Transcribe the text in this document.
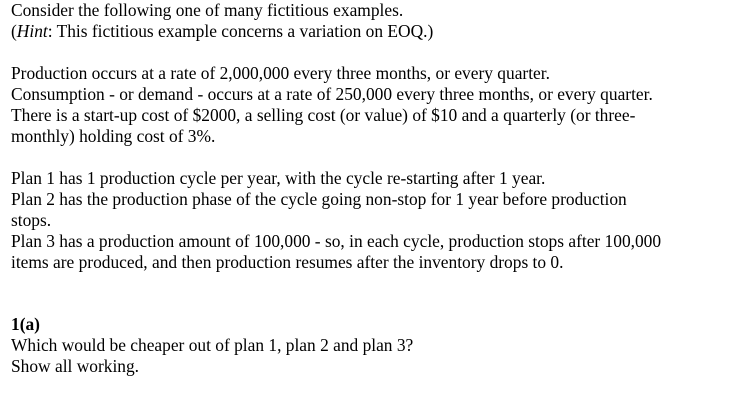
Consider the following one of many fictitious examples.
(Hint: This fictitious example concerns a variation on EOQ.)
Production occurs at a rate of 2,000,000 every three months, or every quarter.
Consumption - or demand - occurs at a rate of 250,000 every three months, or every quarter.
There is a start-up cost of $2000, a selling cost (or value) of $10 and a quarterly (or three-
monthly) holding cost of 3%.
Plan 1 has 1 production cycle per year, with the cycle re-starting after 1 year.
Plan 2 has the production phase of the cycle going non-stop for 1 year before production
stops.
Plan 3 has a production amount of 100,000 - so, in each cycle, production stops after 100,000
items are produced, and then production resumes after the inventory drops to 0.
1(a)
Which would be cheaper out of plan 1, plan 2 and plan 3?
Show all working.
